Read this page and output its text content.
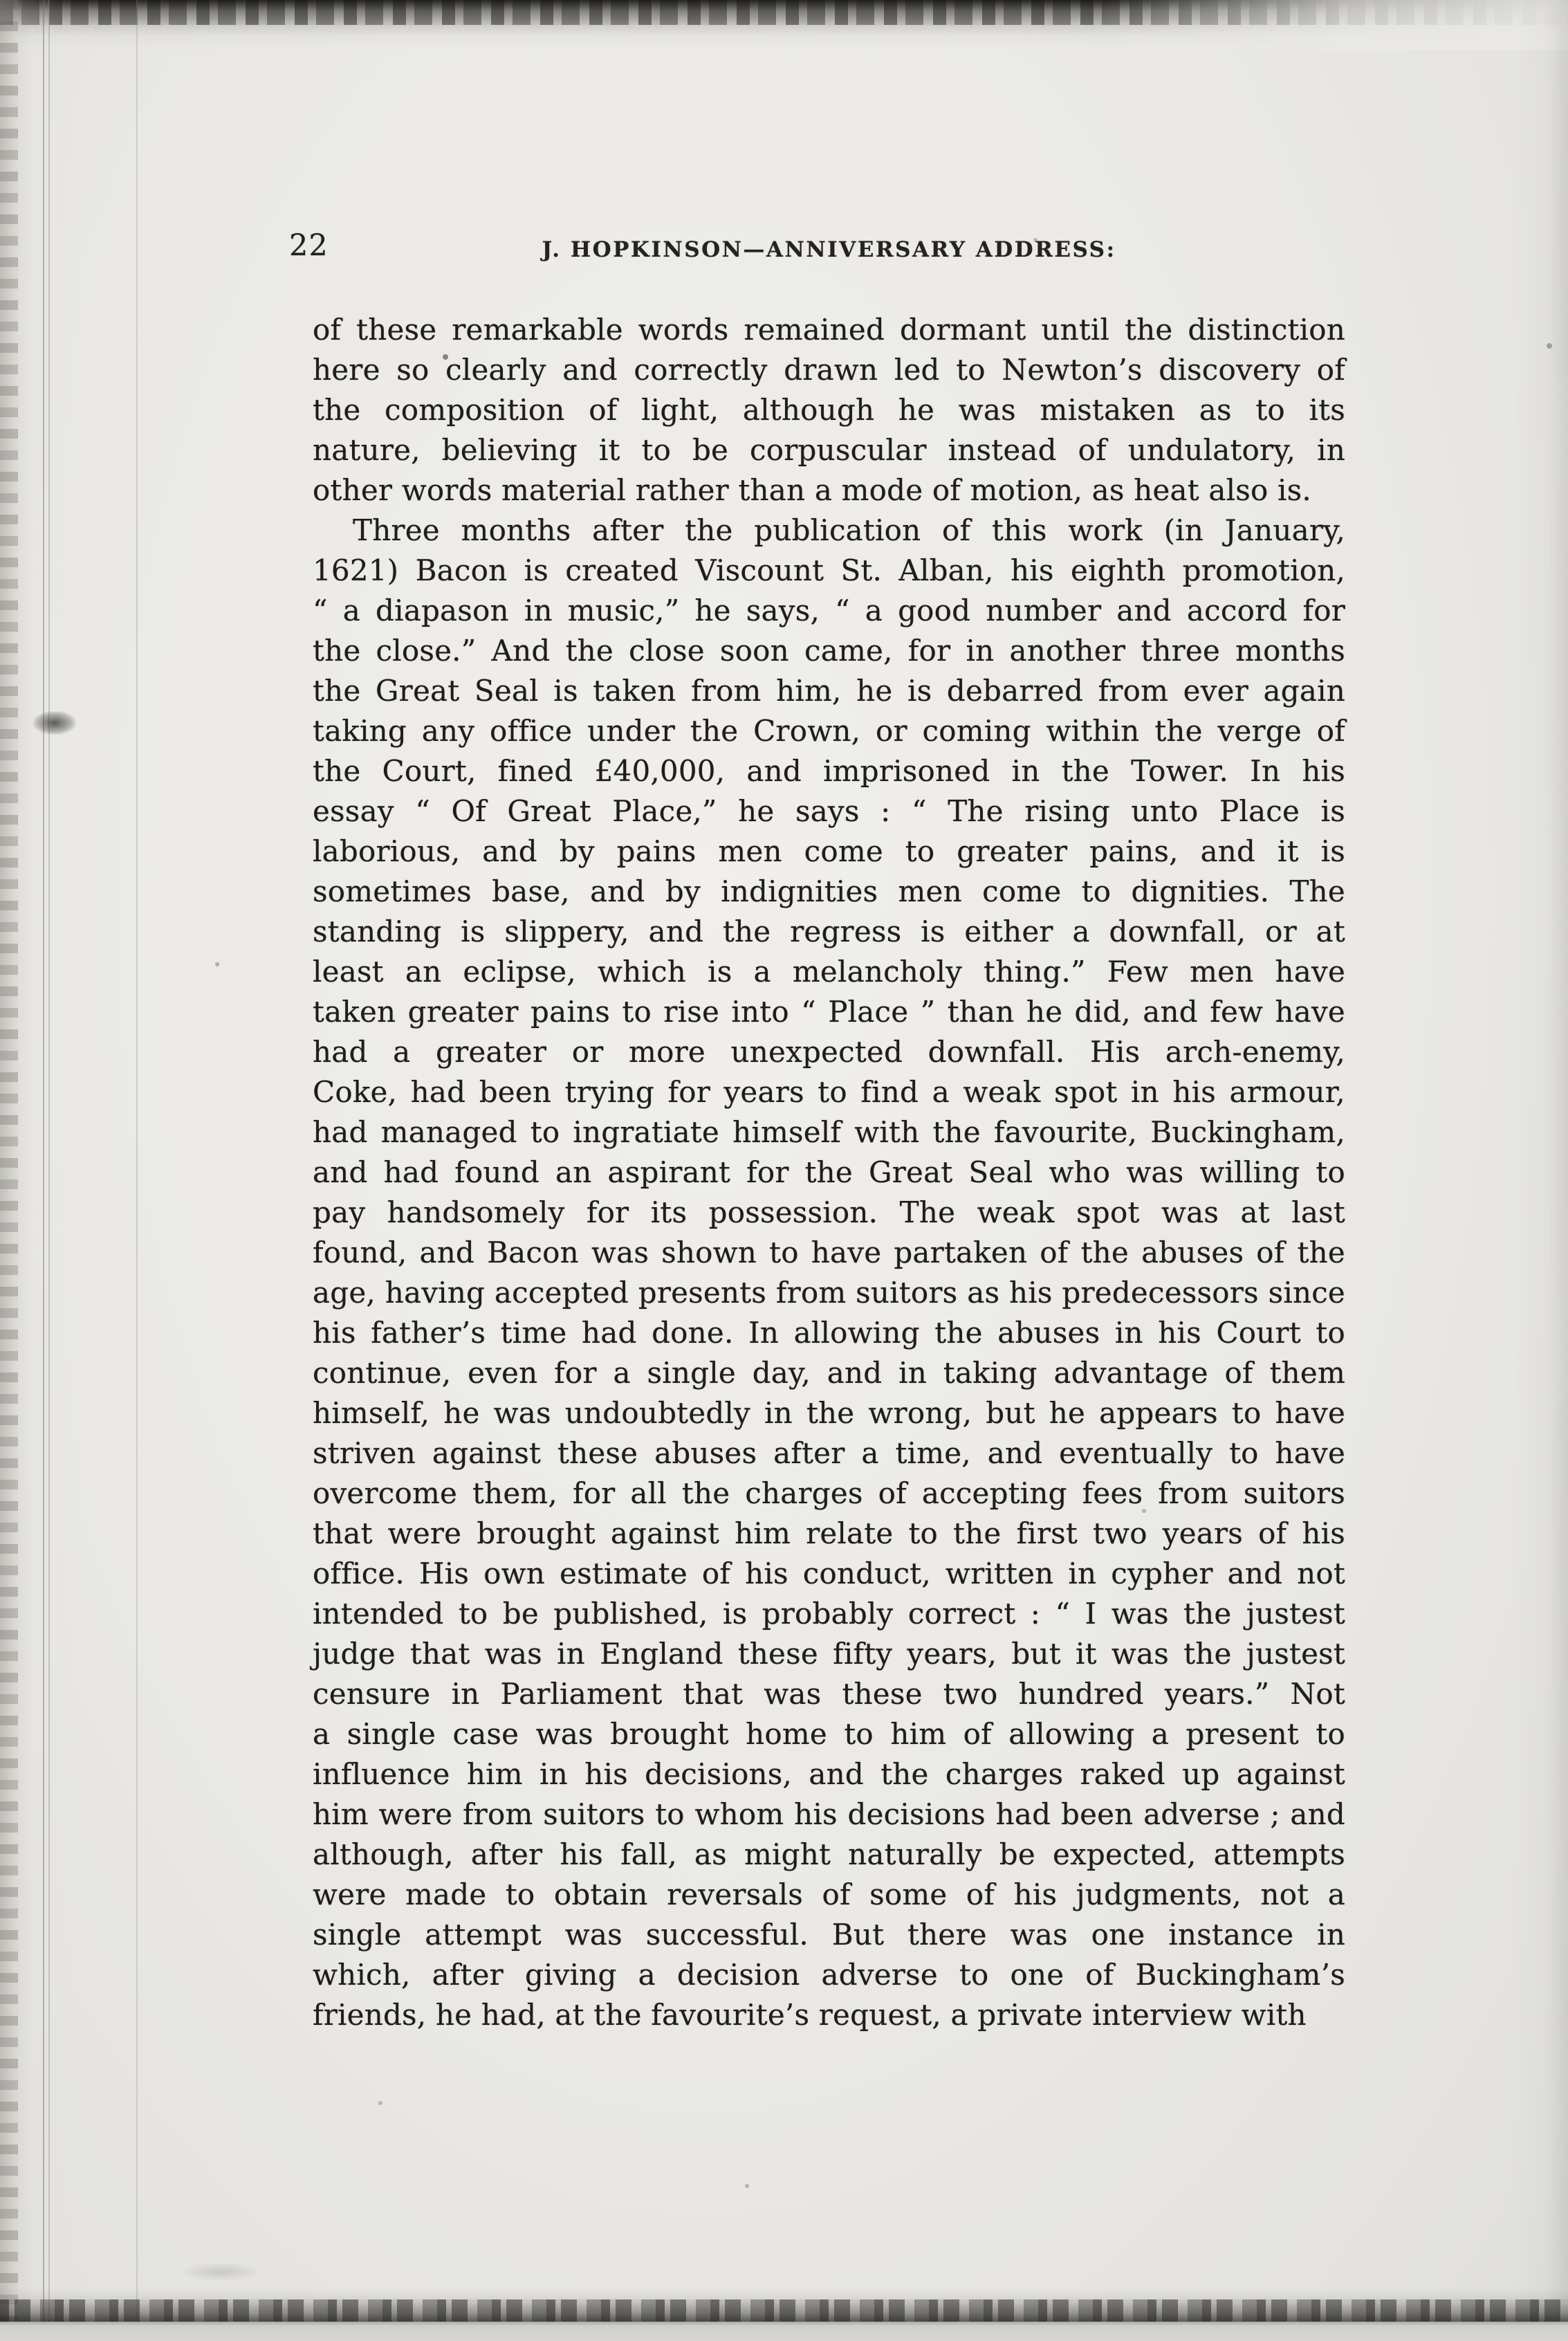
22	J. HOPKINSON—ANNIVERSARY ADDRESS:
of these remarkable words remained dormant until the distinction
here so clearly and correctly drawn led to Newton’s discovery of
the composition of light, although he was mistaken as to its
nature, believing it to be corpuscular instead of undulatory, in
other words material rather than a mode of motion, as heat also is.
Three months after the publication of this work (in January,
1621) Bacon is created Viscount St. Alban, his eighth promotion,
“ a diapason in music,” he says, “ a good number and accord for
the close.” And the close soon came, for in another three months
the Great Seal is taken from him, he is debarred from ever again
taking any office under the Crown, or coming within the verge of
the Court, fined £40,000, and imprisoned in the Tower. In his
essay “ Of Great Place,” he says : “ The rising unto Place is
laborious, and by pains men come to greater pains, and it is
sometimes base, and by indignities men come to dignities. The
standing is slippery, and the regress is either a downfall, or at
least an eclipse, which is a melancholy thing.” Few men have
taken greater pains to rise into “ Place ” than he did, and few have
had a greater or more unexpected downfall. His arch-enemy,
Coke, had been trying for years to find a weak spot in his armour,
had managed to ingratiate himself with the favourite, Buckingham,
and had found an aspirant for the Great Seal who was willing to
pay handsomely for its possession. The weak spot was at last
found, and Bacon was shown to have partaken of the abuses of the
age, having accepted presents from suitors as his predecessors since
his father’s time had done. In allowing the abuses in his Court to
continue, even for a single day, and in taking advantage of them
himself, he was undoubtedly in the wrong, but he appears to have
striven against these abuses after a time, and eventually to have
overcome them, for all the charges of accepting fees from suitors
that were brought against him relate to the first two years of his
office. His own estimate of his conduct, written in cypher and not
intended to be published, is probably correct : “ I was the justest
judge that was in England these fifty years, but it was the justest
censure in Parliament that was these two hundred years.” Not
a single case was brought home to him of allowing a present to
influence him in his decisions, and the charges raked up against
him were from suitors to whom his decisions had been adverse ; and
although, after his fall, as might naturally be expected, attempts
were made to obtain reversals of some of his judgments, not a
single attempt was successful. But there was one instance in
which, after giving a decision adverse to one of Buckingham’s
friends, he had, at the favourite’s request, a private interview with
